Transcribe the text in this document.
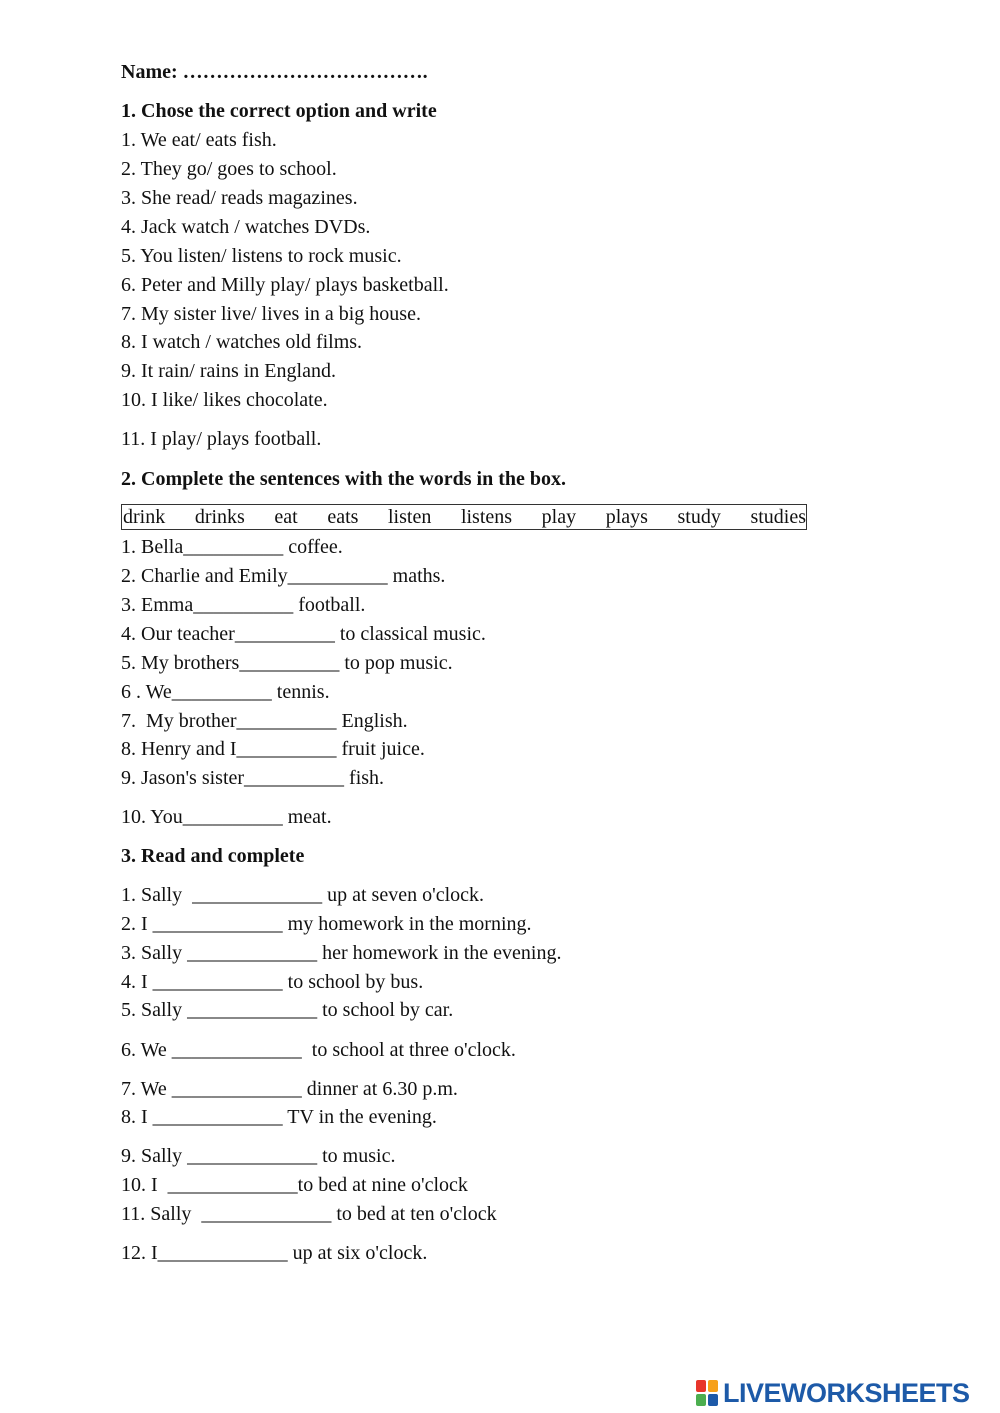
Name: ……………………………….
1. Chose the correct option and write
1. We eat/ eats fish.
2. They go/ goes to school.
3. She read/ reads magazines.
4. Jack watch / watches DVDs.
5. You listen/ listens to rock music.
6. Peter and Milly play/ plays basketball.
7. My sister live/ lives in a big house.
8. I watch / watches old films.
9. It rain/ rains in England.
10. I like/ likes chocolate.
11. I play/ plays football.
2. Complete the sentences with the words in the box.
drink drinks eat eats listen listens play plays study studies
1. Bella__________ coffee.
2. Charlie and Emily__________ maths.
3. Emma__________ football.
4. Our teacher__________ to classical music.
5. My brothers__________ to pop music.
6 . We__________ tennis.
7.  My brother__________ English.
8. Henry and I__________ fruit juice.
9. Jason's sister__________ fish.
10. You__________ meat.
3. Read and complete
1. Sally  _____________ up at seven o'clock.
2. I _____________ my homework in the morning.
3. Sally _____________ her homework in the evening.
4. I _____________ to school by bus.
5. Sally _____________ to school by car.
6. We _____________  to school at three o'clock.
7. We _____________ dinner at 6.30 p.m.
8. I _____________ TV in the evening.
9. Sally _____________ to music.
10. I  _____________to bed at nine o'clock
11. Sally  _____________ to bed at ten o'clock
12. I_____________ up at six o'clock.
LIVEWORKSHEETS
